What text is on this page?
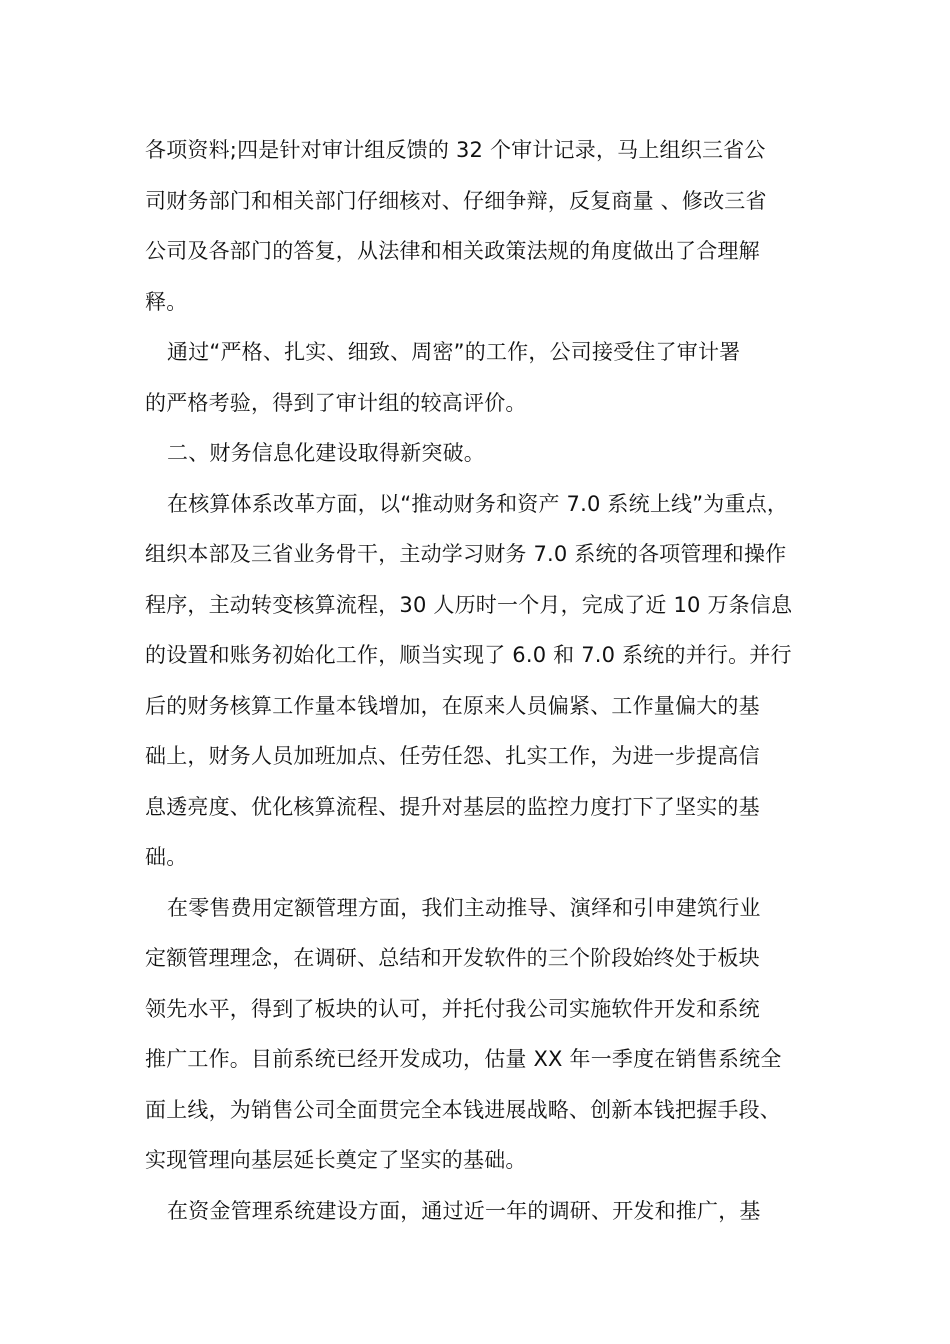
各项资料;四是针对审计组反馈的 32 个审计记录，马上组织三省公

司财务部门和相关部门仔细核对、仔细争辩，反复商量 、修改三省

公司及各部门的答复，从法律和相关政策法规的角度做出了合理解

释。

通过“严格、扎实、细致、周密”的工作，公司接受住了审计署

的严格考验，得到了审计组的较高评价。

二、财务信息化建设取得新突破。

在核算体系改革方面，以“推动财务和资产 7.0 系统上线”为重点，

组织本部及三省业务骨干，主动学习财务 7.0 系统的各项管理和操作

程序，主动转变核算流程，30 人历时一个月，完成了近 10 万条信息

的设置和账务初始化工作，顺当实现了 6.0 和 7.0 系统的并行。并行

后的财务核算工作量本钱增加，在原来人员偏紧、工作量偏大的基

础上，财务人员加班加点、任劳任怨、扎实工作，为进一步提高信

息透亮度、优化核算流程、提升对基层的监控力度打下了坚实的基

础。

在零售费用定额管理方面，我们主动推导、演绎和引申建筑行业

定额管理理念，在调研、总结和开发软件的三个阶段始终处于板块

领先水平，得到了板块的认可，并托付我公司实施软件开发和系统

推广工作。目前系统已经开发成功，估量 XX 年一季度在销售系统全

面上线，为销售公司全面贯完全本钱进展战略、创新本钱把握手段、

实现管理向基层延长奠定了坚实的基础。

在资金管理系统建设方面，通过近一年的调研、开发和推广，基
